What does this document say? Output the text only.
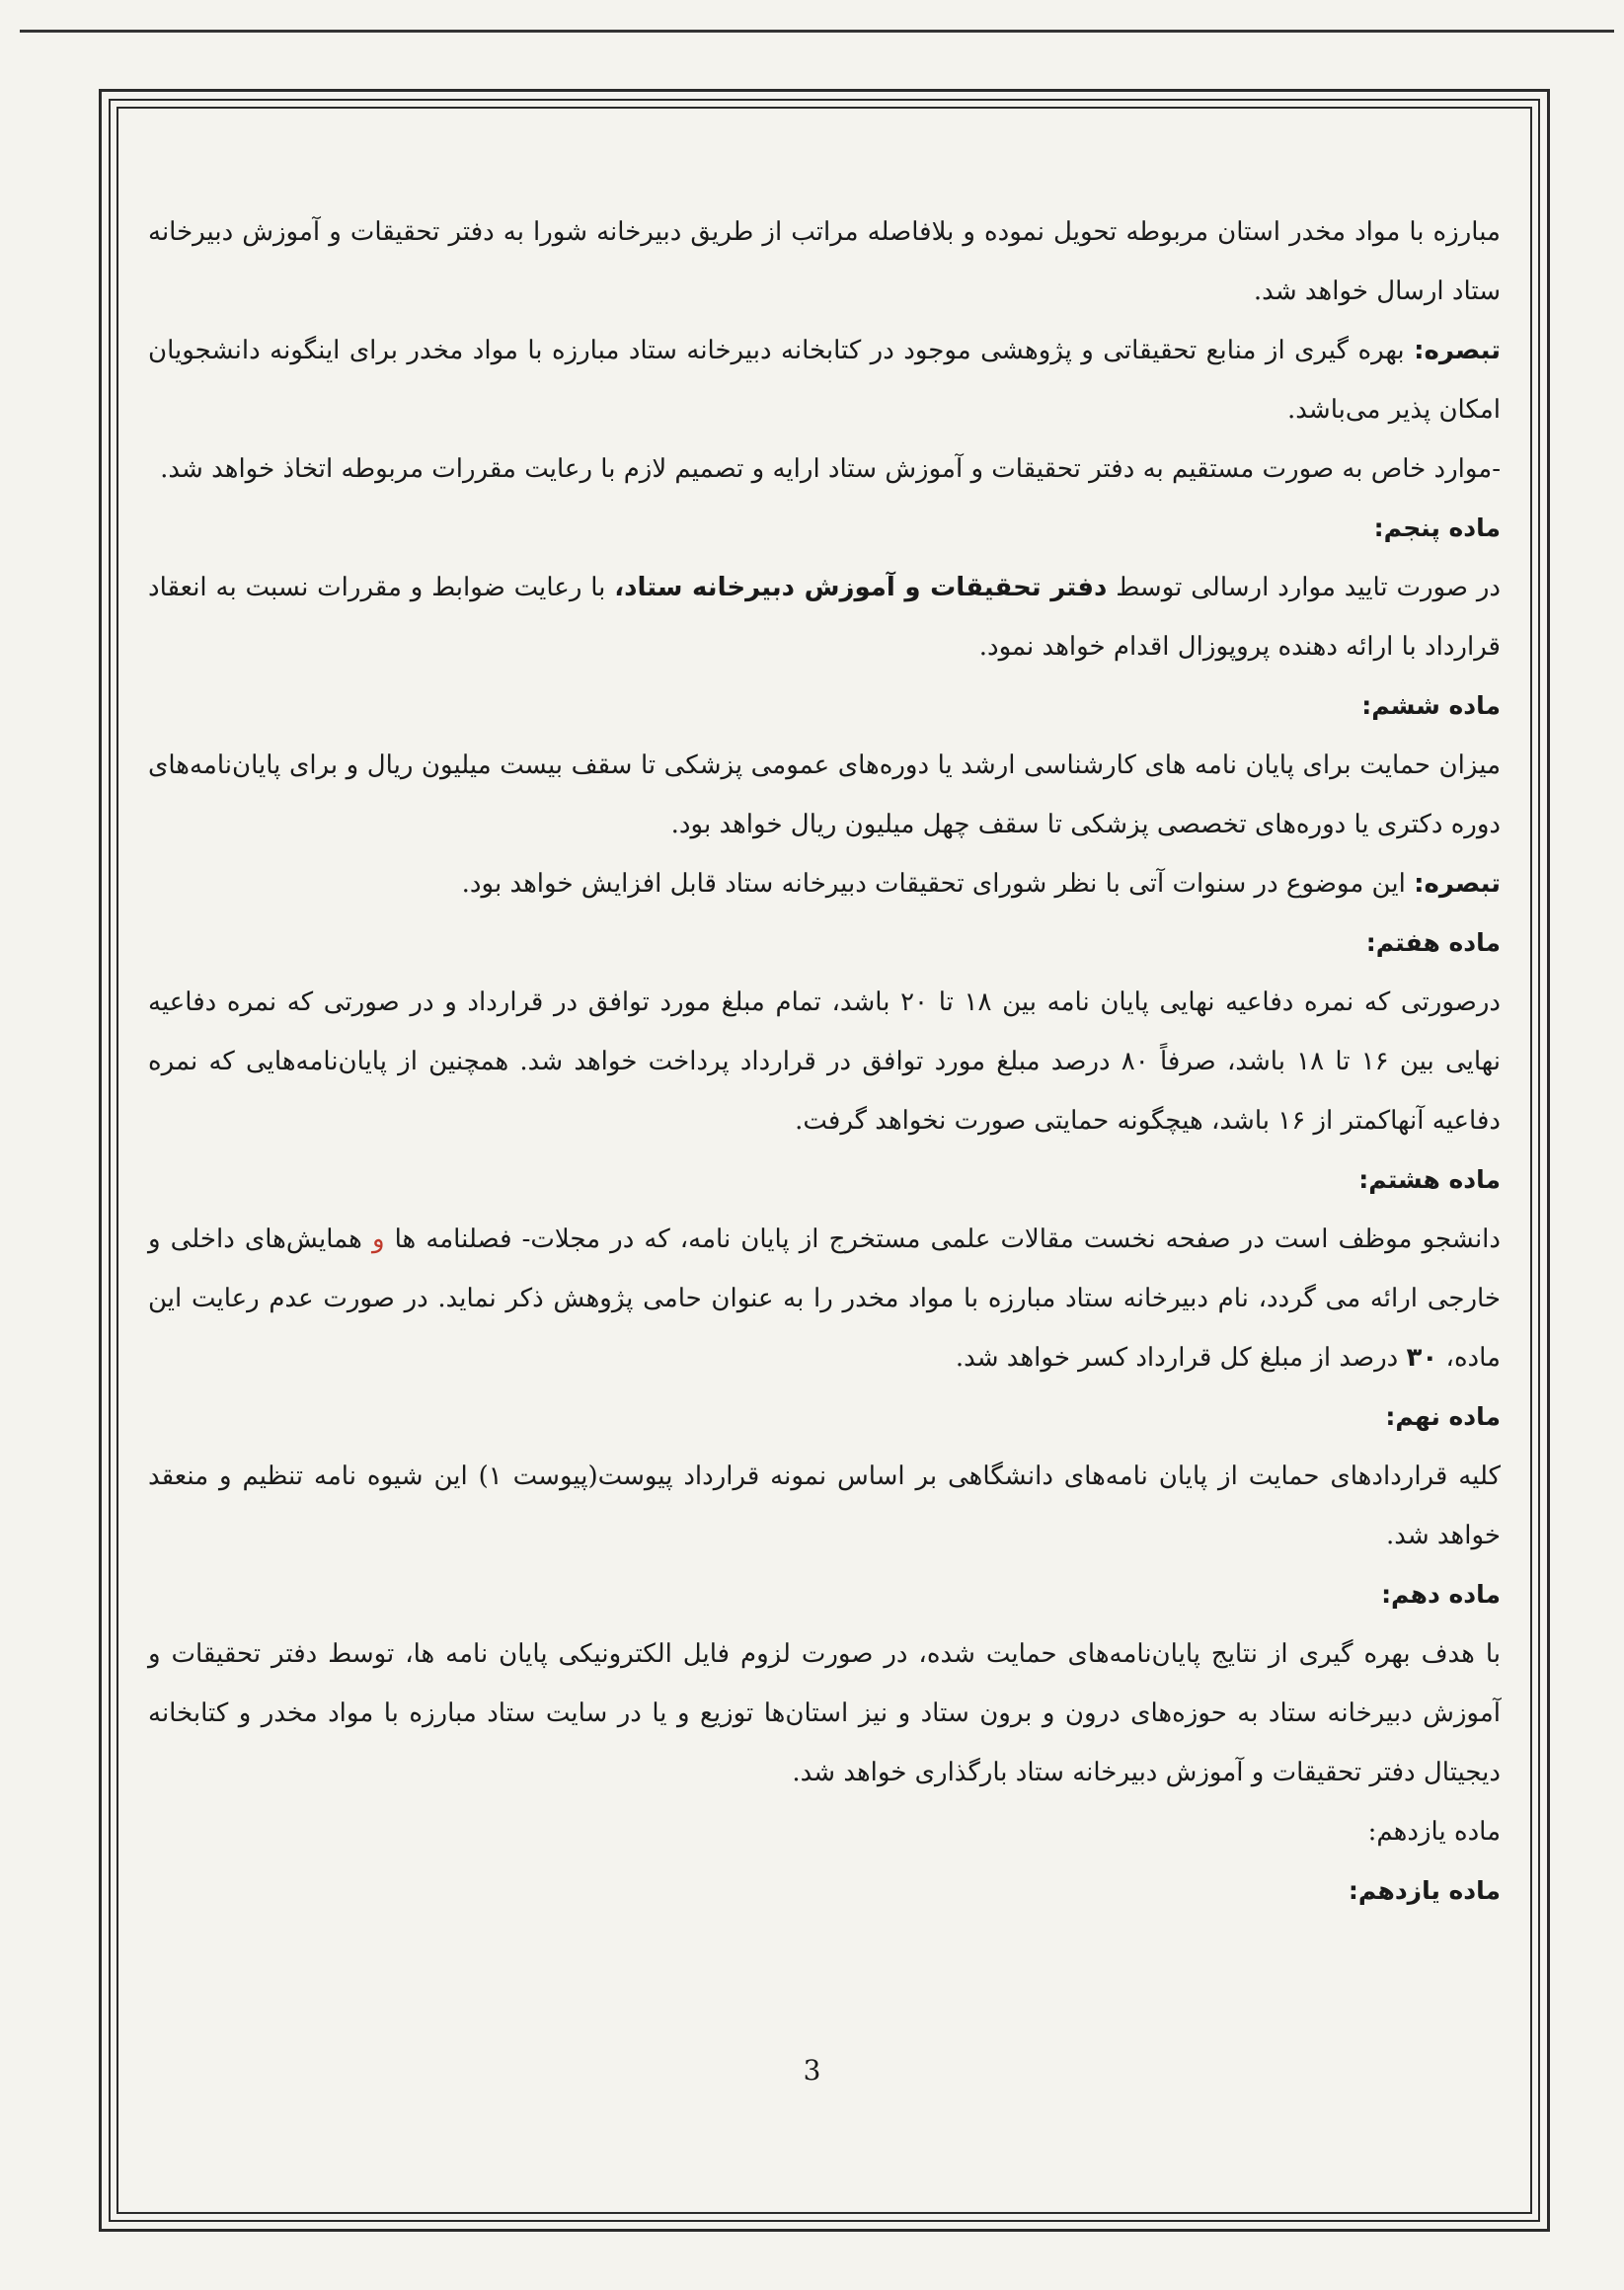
مبارزه با مواد مخدر استان مربوطه تحویل نموده و بلافاصله مراتب از طریق دبیرخانه شورا به دفتر تحقیقات و آموزش دبیرخانه ستاد ارسال خواهد شد.

تبصره: بهره گیری از منابع تحقیقاتی و پژوهشی موجود در کتابخانه دبیرخانه ستاد مبارزه با مواد مخدر برای اینگونه دانشجویان امکان پذیر می‌باشد.

-موارد خاص به صورت مستقیم به دفتر تحقیقات و آموزش ستاد ارایه و تصمیم لازم با رعایت مقررات مربوطه اتخاذ خواهد شد.

ماده پنجم:

در صورت تایید موارد ارسالی توسط دفتر تحقیقات و آموزش دبیرخانه ستاد، با رعایت ضوابط و مقررات نسبت به انعقاد قرارداد با ارائه دهنده پروپوزال اقدام خواهد نمود.

ماده ششم:

میزان حمایت برای پایان نامه های کارشناسی ارشد یا دوره‌های عمومی پزشکی تا سقف بیست میلیون ریال و برای پایان‌نامه‌های دوره دکتری یا دوره‌های تخصصی پزشکی تا سقف چهل میلیون ریال خواهد بود.

تبصره: این موضوع در سنوات آتی با نظر شورای تحقیقات دبیرخانه ستاد قابل افزایش خواهد بود.

ماده هفتم:

درصورتی که نمره دفاعیه نهایی پایان نامه بین ۱۸ تا ۲۰ باشد، تمام مبلغ مورد توافق در قرارداد و در صورتی که نمره دفاعیه نهایی بین ۱۶ تا ۱۸ باشد، صرفاً ۸۰ درصد مبلغ مورد توافق در قرارداد پرداخت خواهد شد. همچنین از پایان‌نامه‌هایی که نمره دفاعیه آنهاکمتر از ۱۶ باشد، هیچگونه حمایتی صورت نخواهد گرفت.

ماده هشتم:

دانشجو موظف است در صفحه نخست مقالات علمی مستخرج از پایان نامه، که در مجلات- فصلنامه ها و همایش‌های داخلی و خارجی ارائه می گردد، نام دبیرخانه ستاد مبارزه با مواد مخدر را به عنوان حامی پژوهش ذکر نماید. در صورت عدم رعایت این ماده، ۳۰ درصد از مبلغ کل قرارداد کسر خواهد شد.

ماده نهم:

کلیه قراردادهای حمایت از پایان نامه‌های دانشگاهی بر اساس نمونه قرارداد پیوست(پیوست ۱) این شیوه نامه تنظیم و منعقد خواهد شد.

ماده دهم:

با هدف بهره گیری از نتایج پایان‌نامه‌های حمایت شده، در صورت لزوم فایل الکترونیکی پایان نامه ها، توسط دفتر تحقیقات و آموزش دبیرخانه ستاد به حوزه‌های درون و برون ستاد و نیز استان‌ها توزیع و یا در سایت ستاد مبارزه با مواد مخدر و کتابخانه دیجیتال دفتر تحقیقات و آموزش دبیرخانه ستاد بارگذاری خواهد شد.

ماده یازدهم:

ماده یازدهم:

3
